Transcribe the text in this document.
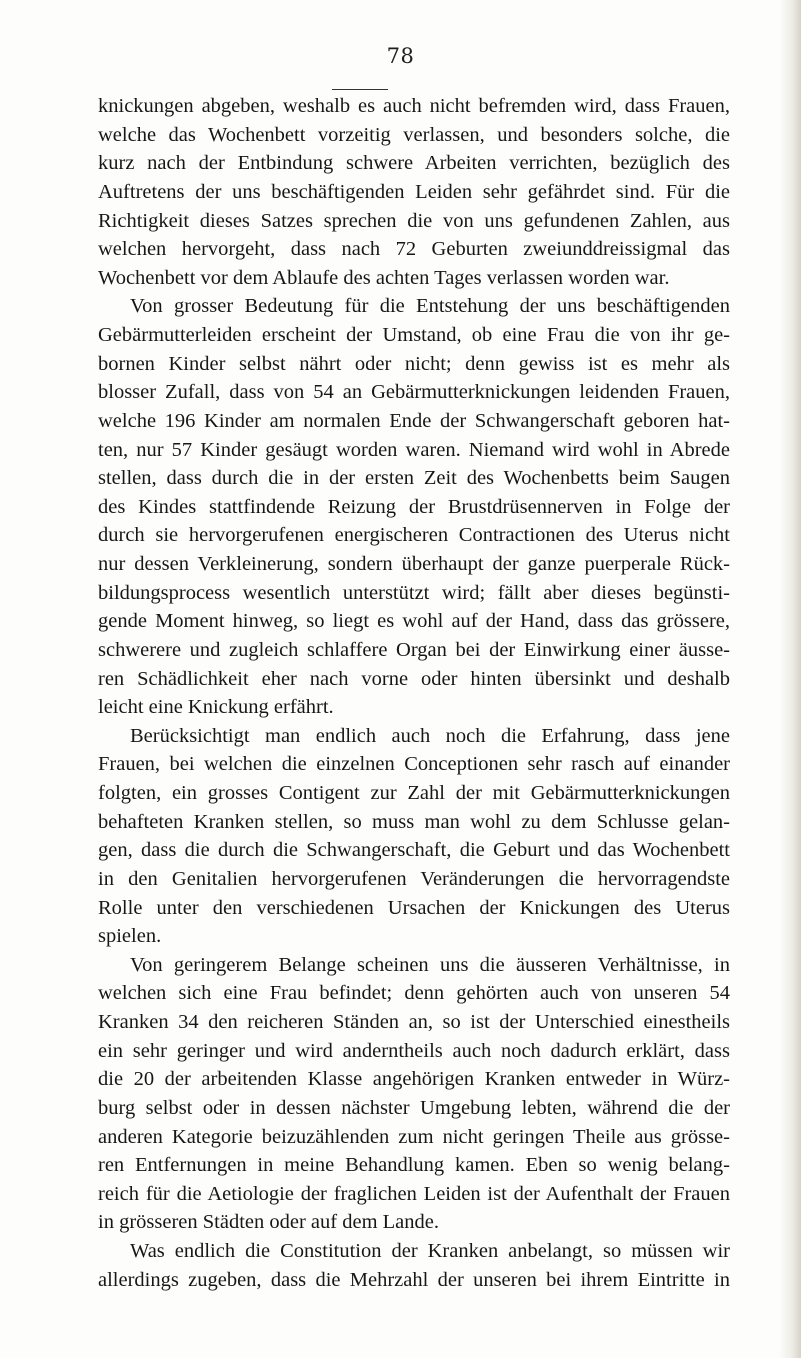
78
knickungen abgeben, weshalb es auch nicht befremden wird, dass Frauen,
welche das Wochenbett vorzeitig verlassen, und besonders solche, die
kurz nach der Entbindung schwere Arbeiten verrichten, bezüglich des
Auftretens der uns beschäftigenden Leiden sehr gefährdet sind. Für die
Richtigkeit dieses Satzes sprechen die von uns gefundenen Zahlen, aus
welchen hervorgeht, dass nach 72 Geburten zweiunddreissigmal das
Wochenbett vor dem Ablaufe des achten Tages verlassen worden war.
Von grosser Bedeutung für die Entstehung der uns beschäftigenden
Gebärmutterleiden erscheint der Umstand, ob eine Frau die von ihr ge-
bornen Kinder selbst nährt oder nicht; denn gewiss ist es mehr als
blosser Zufall, dass von 54 an Gebärmutterknickungen leidenden Frauen,
welche 196 Kinder am normalen Ende der Schwangerschaft geboren hat-
ten, nur 57 Kinder gesäugt worden waren. Niemand wird wohl in Abrede
stellen, dass durch die in der ersten Zeit des Wochenbetts beim Saugen
des Kindes stattfindende Reizung der Brustdrüsennerven in Folge der
durch sie hervorgerufenen energischeren Contractionen des Uterus nicht
nur dessen Verkleinerung, sondern überhaupt der ganze puerperale Rück-
bildungsprocess wesentlich unterstützt wird; fällt aber dieses begünsti-
gende Moment hinweg, so liegt es wohl auf der Hand, dass das grössere,
schwerere und zugleich schlaffere Organ bei der Einwirkung einer äusse-
ren Schädlichkeit eher nach vorne oder hinten übersinkt und deshalb
leicht eine Knickung erfährt.
Berücksichtigt man endlich auch noch die Erfahrung, dass jene
Frauen, bei welchen die einzelnen Conceptionen sehr rasch auf einander
folgten, ein grosses Contigent zur Zahl der mit Gebärmutterknickungen
behafteten Kranken stellen, so muss man wohl zu dem Schlusse gelan-
gen, dass die durch die Schwangerschaft, die Geburt und das Wochenbett
in den Genitalien hervorgerufenen Veränderungen die hervorragendste
Rolle unter den verschiedenen Ursachen der Knickungen des Uterus
spielen.
Von geringerem Belange scheinen uns die äusseren Verhältnisse, in
welchen sich eine Frau befindet; denn gehörten auch von unseren 54
Kranken 34 den reicheren Ständen an, so ist der Unterschied einestheils
ein sehr geringer und wird anderntheils auch noch dadurch erklärt, dass
die 20 der arbeitenden Klasse angehörigen Kranken entweder in Würz-
burg selbst oder in dessen nächster Umgebung lebten, während die der
anderen Kategorie beizuzählenden zum nicht geringen Theile aus grösse-
ren Entfernungen in meine Behandlung kamen. Eben so wenig belang-
reich für die Aetiologie der fraglichen Leiden ist der Aufenthalt der Frauen
in grösseren Städten oder auf dem Lande.
Was endlich die Constitution der Kranken anbelangt, so müssen wir
allerdings zugeben, dass die Mehrzahl der unseren bei ihrem Eintritte in
